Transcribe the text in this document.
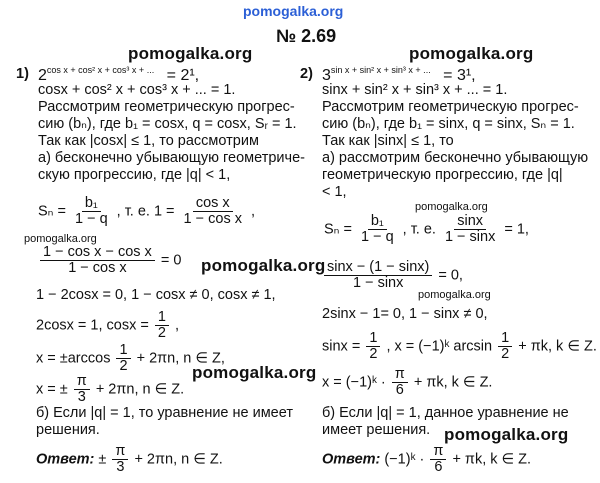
pomogalka.org
№ 2.69
pomogalka.org	pomogalka.org
pomogalka.org
pomogalka.org
pomogalka.org
pomogalka.org
pomogalka.org
pomogalka.org
1) $2^{cos x + cos^2 x + cos^3 x + ...} = 2^1$,
cosx + cos² x + cos³ x + ... = 1.
Рассмотрим геометрическую прогрес-
сию (bₙ), где b₁ = cosx, q = cosx, Sᵣ = 1.
Так как |cosx| ≤ 1, то рассмотрим
а) бесконечно убывающую геометриче-
скую прогрессию, где |q| < 1,
$S_n = \frac{\text{b₁}}{1 - q}$ , т. е. $1 = \frac{\text{cos x}}{\text{1 − cos x}}$ ,
$\frac{\text{1 − cos x − cos x}}{\text{1 − cos x}} = 0$
1 − 2cosx = 0, 1 − cosx ≠ 0, cosx ≠ 1,
2cosx = 1, $\cos x = \frac{1}{2}$ ,
$x = \pm\arccos \frac{1}{2} + 2\pi n$, n ∈ Z,
x = ± $\frac{\pi}{3} + 2\pi n$, n ∈ Z.
б) Если |q| = 1, то уравнение не имеет
решения.
Ответ: ± $\frac{\pi}{3} + 2\pi n$, n ∈ Z.
2) $3^{sin x + sin^2 x + sin^3 x + ...} = 3^1$,
sinx + sin² x + sin³ x + ... = 1.
Рассмотрим геометрическую прогрес-
сию (bₙ), где b₁ = sinx, q = sinx, Sₙ = 1.
Так как |sinx| ≤ 1, то
а) рассмотрим бесконечно убывающую
геометрическую прогрессию, где |q|
< 1,
$S_n = \frac{\text{b₁}}{1 - q}$ , т. е. $\frac{\sin x}{1 - \sin x} = 1$,
$\frac{\sin x - (1 - \sin x)}{1 - \sin x} = 0$,
2sinx − 1= 0, 1 − sinx ≠ 0,
$\sin x = \frac{1}{2}$ , x = (−1)ᵏ $\arcsin \frac{1}{2} + \pi k$, k ∈ Z.
x = (−1)ᵏ · $\frac{\pi}{6} + \pi k$, k ∈ Z.
б) Если |q| = 1, данное уравнение не
имеет решения.
Ответ: (−1)ᵏ · $\frac{\pi}{6} + \pi k$, k ∈ Z.
